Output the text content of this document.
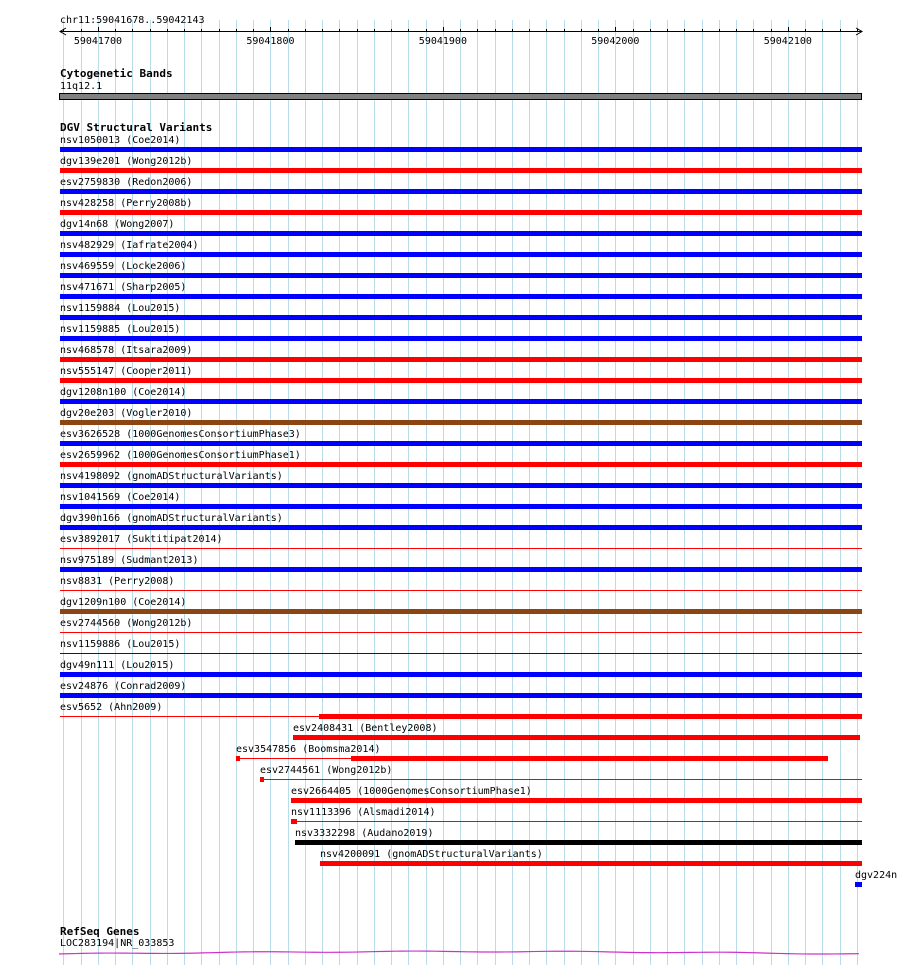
chr11:59041678..59042143
59041700	59041800	59041900	59042000	59042100
Cytogenetic Bands
11q12.1
DGV Structural Variants
nsv1050013 (Coe2014)
dgv139e201 (Wong2012b)
esv2759830 (Redon2006)
nsv428258 (Perry2008b)
dgv14n68 (Wong2007)
nsv482929 (Iafrate2004)
nsv469559 (Locke2006)
nsv471671 (Sharp2005)
nsv1159884 (Lou2015)
nsv1159885 (Lou2015)
nsv468578 (Itsara2009)
nsv555147 (Cooper2011)
dgv1208n100 (Coe2014)
dgv20e203 (Vogler2010)
esv3626528 (1000GenomesConsortiumPhase3)
esv2659962 (1000GenomesConsortiumPhase1)
nsv4198092 (gnomADStructuralVariants)
nsv1041569 (Coe2014)
dgv390n166 (gnomADStructuralVariants)
esv3892017 (Suktitipat2014)
nsv975189 (Sudmant2013)
nsv8831 (Perry2008)
dgv1209n100 (Coe2014)
esv2744560 (Wong2012b)
nsv1159886 (Lou2015)
dgv49n111 (Lou2015)
esv24876 (Conrad2009)
esv5652 (Ahn2009)
esv2408431 (Bentley2008)
esv3547856 (Boomsma2014)
esv2744561 (Wong2012b)
esv2664405 (1000GenomesConsortiumPhase1)
nsv1113396 (Alsmadi2014)
nsv3332298 (Audano2019)
nsv4200091 (gnomADStructuralVariants)
dgv224n
RefSeq Genes
LOC283194|NR_033853
